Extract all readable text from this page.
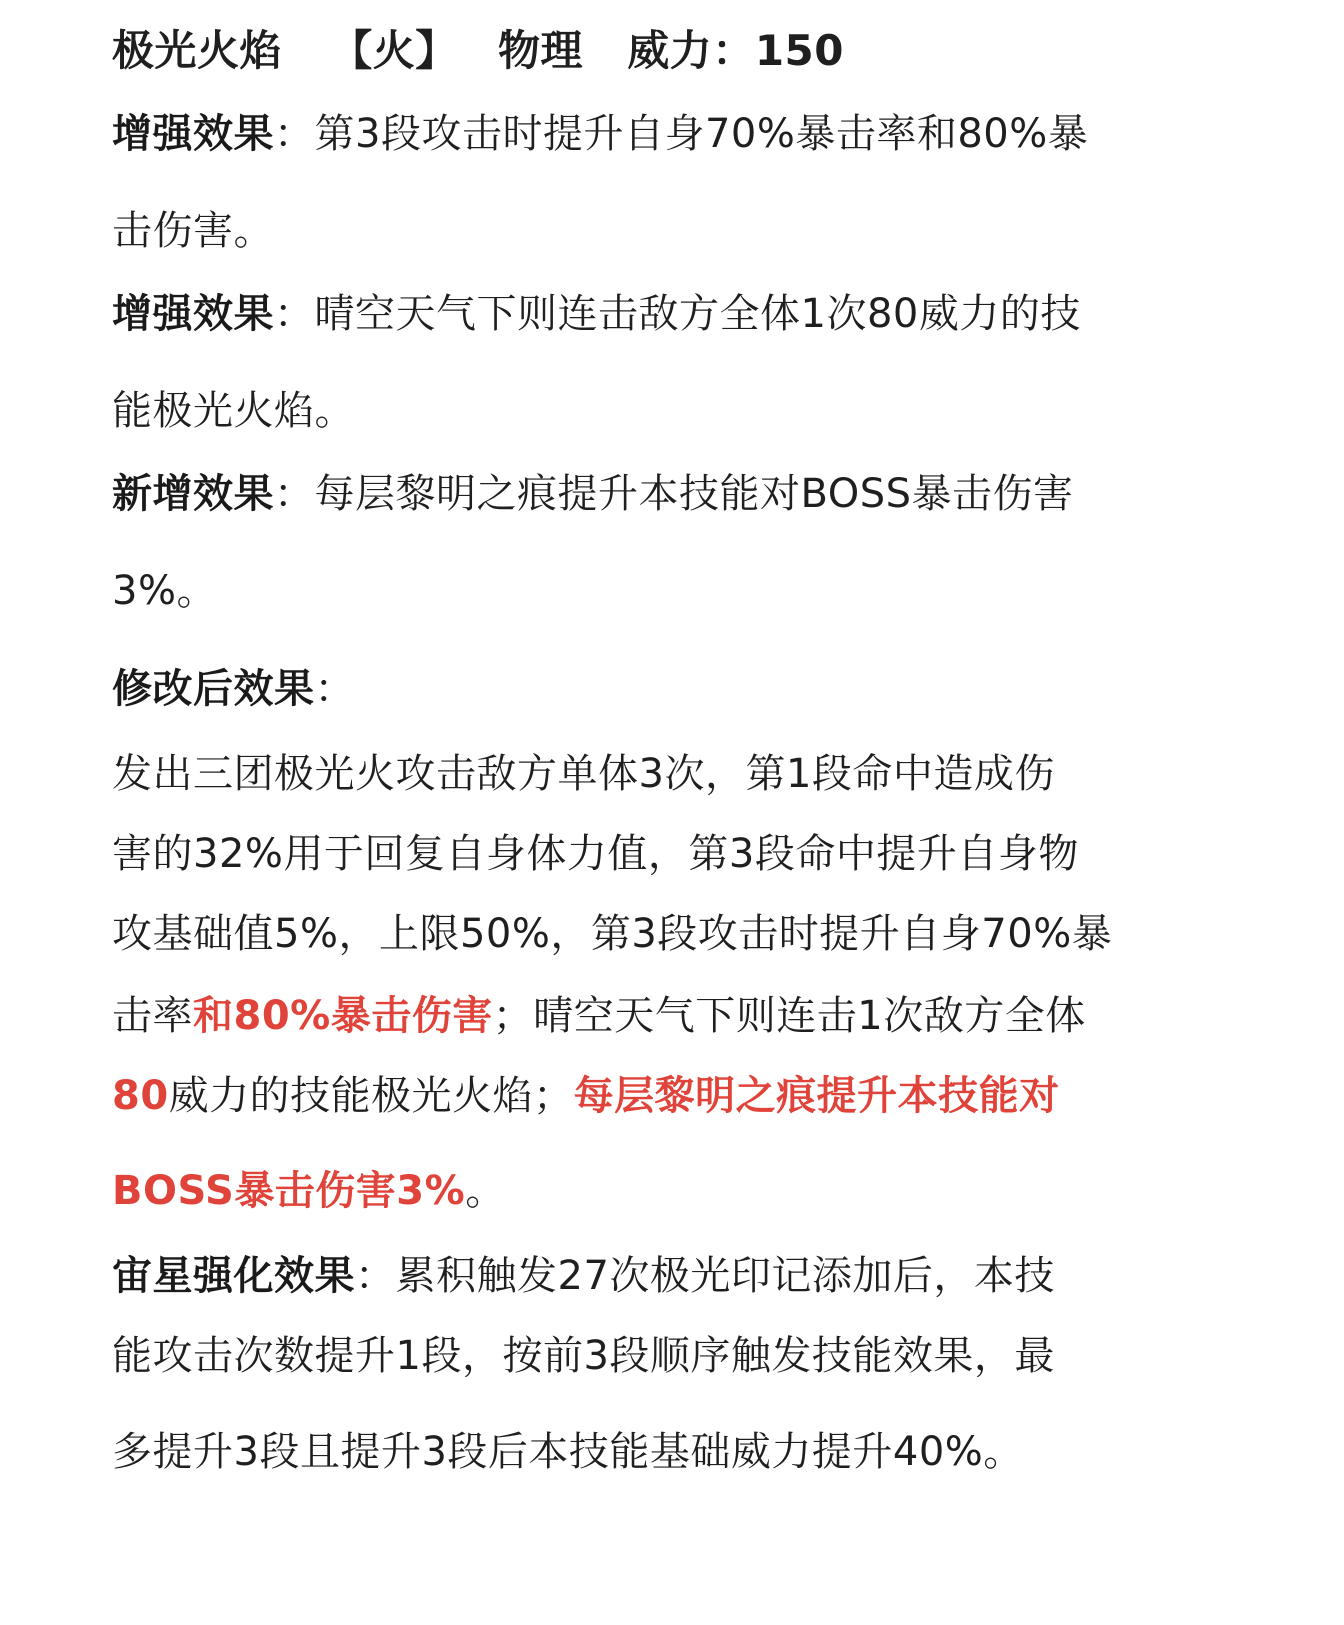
极光火焰 【火】 物理 威力：150
增强效果：第3段攻击时提升自身70%暴击率和80%暴
击伤害。
增强效果：晴空天气下则连击敌方全体1次80威力的技
能极光火焰。
新增效果：每层黎明之痕提升本技能对BOSS暴击伤害
3%。
修改后效果：
发出三团极光火攻击敌方单体3次，第1段命中造成伤
害的32%用于回复自身体力值，第3段命中提升自身物
攻基础值5%，上限50%，第3段攻击时提升自身70%暴
击率和80%暴击伤害；晴空天气下则连击1次敌方全体
80威力的技能极光火焰；每层黎明之痕提升本技能对
BOSS暴击伤害3%。
宙星强化效果：累积触发27次极光印记添加后，本技
能攻击次数提升1段，按前3段顺序触发技能效果，最
多提升3段且提升3段后本技能基础威力提升40%。
